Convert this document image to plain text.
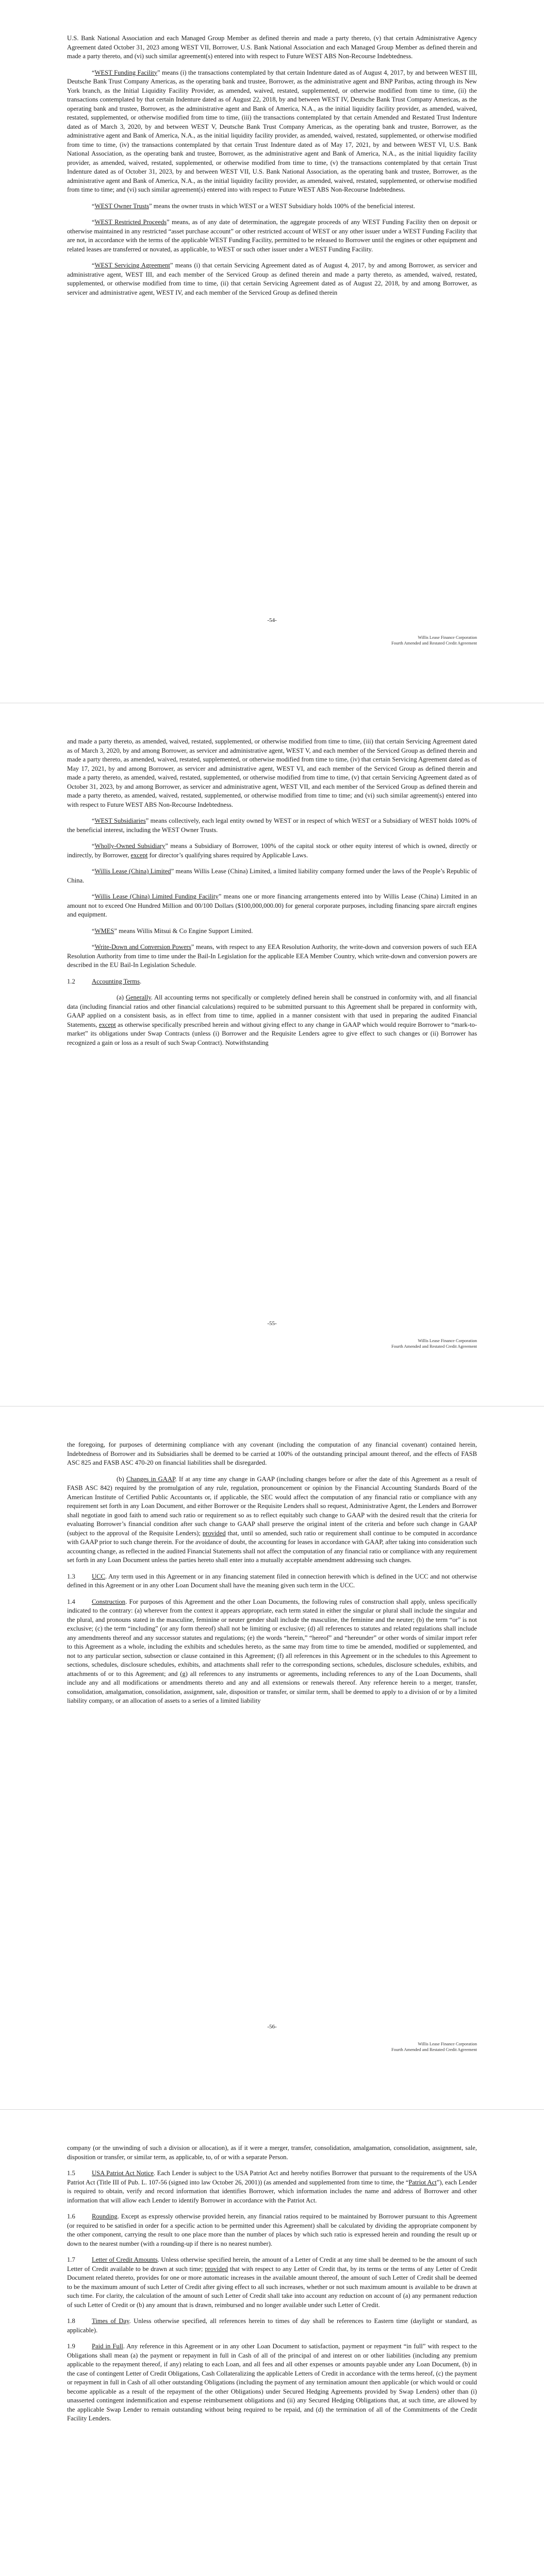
U.S. Bank National Association and each Managed Group Member as defined therein and made a party thereto, (v) that certain Administrative Agency Agreement dated October 31, 2023 among WEST VII, Borrower, U.S. Bank National Association and each Managed Group Member as defined therein and made a party thereto, and (vi) such similar agreement(s) entered into with respect to Future WEST ABS Non-Recourse Indebtedness.

“WEST Funding Facility” means (i) the transactions contemplated by that certain Indenture dated as of August 4, 2017, by and between WEST III, Deutsche Bank Trust Company Americas, as the operating bank and trustee, Borrower, as the administrative agent and BNP Paribas, acting through its New York branch, as the Initial Liquidity Facility Provider, as amended, waived, restated, supplemented, or otherwise modified from time to time, (ii) the transactions contemplated by that certain Indenture dated as of August 22, 2018, by and between WEST IV, Deutsche Bank Trust Company Americas, as the operating bank and trustee, Borrower, as the administrative agent and Bank of America, N.A., as the initial liquidity facility provider, as amended, waived, restated, supplemented, or otherwise modified from time to time, (iii) the transactions contemplated by that certain Amended and Restated Trust Indenture dated as of March 3, 2020, by and between WEST V, Deutsche Bank Trust Company Americas, as the operating bank and trustee, Borrower, as the administrative agent and Bank of America, N.A., as the initial liquidity facility provider, as amended, waived, restated, supplemented, or otherwise modified from time to time, (iv) the transactions contemplated by that certain Trust Indenture dated as of May 17, 2021, by and between WEST VI, U.S. Bank National Association, as the operating bank and trustee, Borrower, as the administrative agent and Bank of America, N.A., as the initial liquidity facility provider, as amended, waived, restated, supplemented, or otherwise modified from time to time, (v) the transactions contemplated by that certain Trust Indenture dated as of October 31, 2023, by and between WEST VII, U.S. Bank National Association, as the operating bank and trustee, Borrower, as the administrative agent and Bank of America, N.A., as the initial liquidity facility provider, as amended, waived, restated, supplemented, or otherwise modified from time to time; and (vi) such similar agreement(s) entered into with respect to Future WEST ABS Non-Recourse Indebtedness.

“WEST Owner Trusts” means the owner trusts in which WEST or a WEST Subsidiary holds 100% of the beneficial interest.

“WEST Restricted Proceeds” means, as of any date of determination, the aggregate proceeds of any WEST Funding Facility then on deposit or otherwise maintained in any restricted “asset purchase account” or other restricted account of WEST or any other issuer under a WEST Funding Facility that are not, in accordance with the terms of the applicable WEST Funding Facility, permitted to be released to Borrower until the engines or other equipment and related leases are transferred or novated, as applicable, to WEST or such other issuer under a WEST Funding Facility.

“WEST Servicing Agreement” means (i) that certain Servicing Agreement dated as of August 4, 2017, by and among Borrower, as servicer and administrative agent, WEST III, and each member of the Serviced Group as defined therein and made a party thereto, as amended, waived, restated, supplemented, or otherwise modified from time to time, (ii) that certain Servicing Agreement dated as of August 22, 2018, by and among Borrower, as servicer and administrative agent, WEST IV, and each member of the Serviced Group as defined therein

-54-
Willis Lease Finance Corporation
Fourth Amended and Restated Credit Agreement

and made a party thereto, as amended, waived, restated, supplemented, or otherwise modified from time to time, (iii) that certain Servicing Agreement dated as of March 3, 2020, by and among Borrower, as servicer and administrative agent, WEST V, and each member of the Serviced Group as defined therein and made a party thereto, as amended, waived, restated, supplemented, or otherwise modified from time to time, (iv) that certain Servicing Agreement dated as of May 17, 2021, by and among Borrower, as servicer and administrative agent, WEST VI, and each member of the Serviced Group as defined therein and made a party thereto, as amended, waived, restated, supplemented, or otherwise modified from time to time, (v) that certain Servicing Agreement dated as of October 31, 2023, by and among Borrower, as servicer and administrative agent, WEST VII, and each member of the Serviced Group as defined therein and made a party thereto, as amended, waived, restated, supplemented, or otherwise modified from time to time; and (vi) such similar agreement(s) entered into with respect to Future WEST ABS Non-Recourse Indebtedness.

“WEST Subsidiaries” means collectively, each legal entity owned by WEST or in respect of which WEST or a Subsidiary of WEST holds 100% of the beneficial interest, including the WEST Owner Trusts.

“Wholly-Owned Subsidiary” means a Subsidiary of Borrower, 100% of the capital stock or other equity interest of which is owned, directly or indirectly, by Borrower, except for director’s qualifying shares required by Applicable Laws.

“Willis Lease (China) Limited” means Willis Lease (China) Limited, a limited liability company formed under the laws of the People’s Republic of China.

“Willis Lease (China) Limited Funding Facility” means one or more financing arrangements entered into by Willis Lease (China) Limited in an amount not to exceed One Hundred Million and 00/100 Dollars ($100,000,000.00) for general corporate purposes, including financing spare aircraft engines and equipment.

“WMES” means Willis Mitsui & Co Engine Support Limited.

“Write-Down and Conversion Powers” means, with respect to any EEA Resolution Authority, the write-down and conversion powers of such EEA Resolution Authority from time to time under the Bail-In Legislation for the applicable EEA Member Country, which write-down and conversion powers are described in the EU Bail-In Legislation Schedule.

1.2	Accounting Terms.

(a) Generally. All accounting terms not specifically or completely defined herein shall be construed in conformity with, and all financial data (including financial ratios and other financial calculations) required to be submitted pursuant to this Agreement shall be prepared in conformity with, GAAP applied on a consistent basis, as in effect from time to time, applied in a manner consistent with that used in preparing the audited Financial Statements, except as otherwise specifically prescribed herein and without giving effect to any change in GAAP which would require Borrower to “mark-to-market” its obligations under Swap Contracts (unless (i) Borrower and the Requisite Lenders agree to give effect to such changes or (ii) Borrower has recognized a gain or loss as a result of such Swap Contract). Notwithstanding

-55-
Willis Lease Finance Corporation
Fourth Amended and Restated Credit Agreement

the foregoing, for purposes of determining compliance with any covenant (including the computation of any financial covenant) contained herein, Indebtedness of Borrower and its Subsidiaries shall be deemed to be carried at 100% of the outstanding principal amount thereof, and the effects of FASB ASC 825 and FASB ASC 470-20 on financial liabilities shall be disregarded.

(b) Changes in GAAP. If at any time any change in GAAP (including changes before or after the date of this Agreement as a result of FASB ASC 842) required by the promulgation of any rule, regulation, pronouncement or opinion by the Financial Accounting Standards Board of the American Institute of Certified Public Accountants or, if applicable, the SEC would affect the computation of any financial ratio or compliance with any requirement set forth in any Loan Document, and either Borrower or the Requisite Lenders shall so request, Administrative Agent, the Lenders and Borrower shall negotiate in good faith to amend such ratio or requirement so as to reflect equitably such change to GAAP with the desired result that the criteria for evaluating Borrower’s financial condition after such change to GAAP shall preserve the original intent of the criteria and before such change in GAAP (subject to the approval of the Requisite Lenders); provided that, until so amended, such ratio or requirement shall continue to be computed in accordance with GAAP prior to such change therein. For the avoidance of doubt, the accounting for leases in accordance with GAAP, after taking into consideration such accounting change, as reflected in the audited Financial Statements shall not affect the computation of any financial ratio or compliance with any requirement set forth in any Loan Document unless the parties hereto shall enter into a mutually acceptable amendment addressing such changes.

1.3	UCC. Any term used in this Agreement or in any financing statement filed in connection herewith which is defined in the UCC and not otherwise defined in this Agreement or in any other Loan Document shall have the meaning given such term in the UCC.

1.4	Construction. For purposes of this Agreement and the other Loan Documents, the following rules of construction shall apply, unless specifically indicated to the contrary: (a) wherever from the context it appears appropriate, each term stated in either the singular or plural shall include the singular and the plural, and pronouns stated in the masculine, feminine or neuter gender shall include the masculine, the feminine and the neuter; (b) the term “or” is not exclusive; (c) the term “including” (or any form thereof) shall not be limiting or exclusive; (d) all references to statutes and related regulations shall include any amendments thereof and any successor statutes and regulations; (e) the words “herein,” “hereof” and “hereunder” or other words of similar import refer to this Agreement as a whole, including the exhibits and schedules hereto, as the same may from time to time be amended, modified or supplemented, and not to any particular section, subsection or clause contained in this Agreement; (f) all references in this Agreement or in the schedules to this Agreement to sections, schedules, disclosure schedules, exhibits, and attachments shall refer to the corresponding sections, schedules, disclosure schedules, exhibits, and attachments of or to this Agreement; and (g) all references to any instruments or agreements, including references to any of the Loan Documents, shall include any and all modifications or amendments thereto and any and all extensions or renewals thereof. Any reference herein to a merger, transfer, consolidation, amalgamation, consolidation, assignment, sale, disposition or transfer, or similar term, shall be deemed to apply to a division of or by a limited liability company, or an allocation of assets to a series of a limited liability

-56-
Willis Lease Finance Corporation
Fourth Amended and Restated Credit Agreement

company (or the unwinding of such a division or allocation), as if it were a merger, transfer, consolidation, amalgamation, consolidation, assignment, sale, disposition or transfer, or similar term, as applicable, to, of or with a separate Person.

1.5	USA Patriot Act Notice. Each Lender is subject to the USA Patriot Act and hereby notifies Borrower that pursuant to the requirements of the USA Patriot Act (Title III of Pub. L. 107-56 (signed into law October 26, 2001)) (as amended and supplemented from time to time, the “Patriot Act”), each Lender is required to obtain, verify and record information that identifies Borrower, which information includes the name and address of Borrower and other information that will allow each Lender to identify Borrower in accordance with the Patriot Act.

1.6	Rounding. Except as expressly otherwise provided herein, any financial ratios required to be maintained by Borrower pursuant to this Agreement (or required to be satisfied in order for a specific action to be permitted under this Agreement) shall be calculated by dividing the appropriate component by the other component, carrying the result to one place more than the number of places by which such ratio is expressed herein and rounding the result up or down to the nearest number (with a rounding-up if there is no nearest number).

1.7	Letter of Credit Amounts. Unless otherwise specified herein, the amount of a Letter of Credit at any time shall be deemed to be the amount of such Letter of Credit available to be drawn at such time; provided that with respect to any Letter of Credit that, by its terms or the terms of any Letter of Credit Document related thereto, provides for one or more automatic increases in the available amount thereof, the amount of such Letter of Credit shall be deemed to be the maximum amount of such Letter of Credit after giving effect to all such increases, whether or not such maximum amount is available to be drawn at such time. For clarity, the calculation of the amount of such Letter of Credit shall take into account any reduction on account of (a) any permanent reduction of such Letter of Credit or (b) any amount that is drawn, reimbursed and no longer available under such Letter of Credit.

1.8	Times of Day. Unless otherwise specified, all references herein to times of day shall be references to Eastern time (daylight or standard, as applicable).

1.9	Paid in Full. Any reference in this Agreement or in any other Loan Document to satisfaction, payment or repayment “in full” with respect to the Obligations shall mean (a) the payment or repayment in full in Cash of all of the principal of and interest on or other liabilities (including any premium applicable to the repayment thereof, if any) relating to each Loan, and all fees and all other expenses or amounts payable under any Loan Document, (b) in the case of contingent Letter of Credit Obligations, Cash Collateralizing the applicable Letters of Credit in accordance with the terms hereof, (c) the payment or repayment in full in Cash of all other outstanding Obligations (including the payment of any termination amount then applicable (or which would or could become applicable as a result of the repayment of the other Obligations) under Secured Hedging Agreements provided by Swap Lenders) other than (i) unasserted contingent indemnification and expense reimbursement obligations and (ii) any Secured Hedging Obligations that, at such time, are allowed by the applicable Swap Lender to remain outstanding without being required to be repaid, and (d) the termination of all of the Commitments of the Credit Facility Lenders.
